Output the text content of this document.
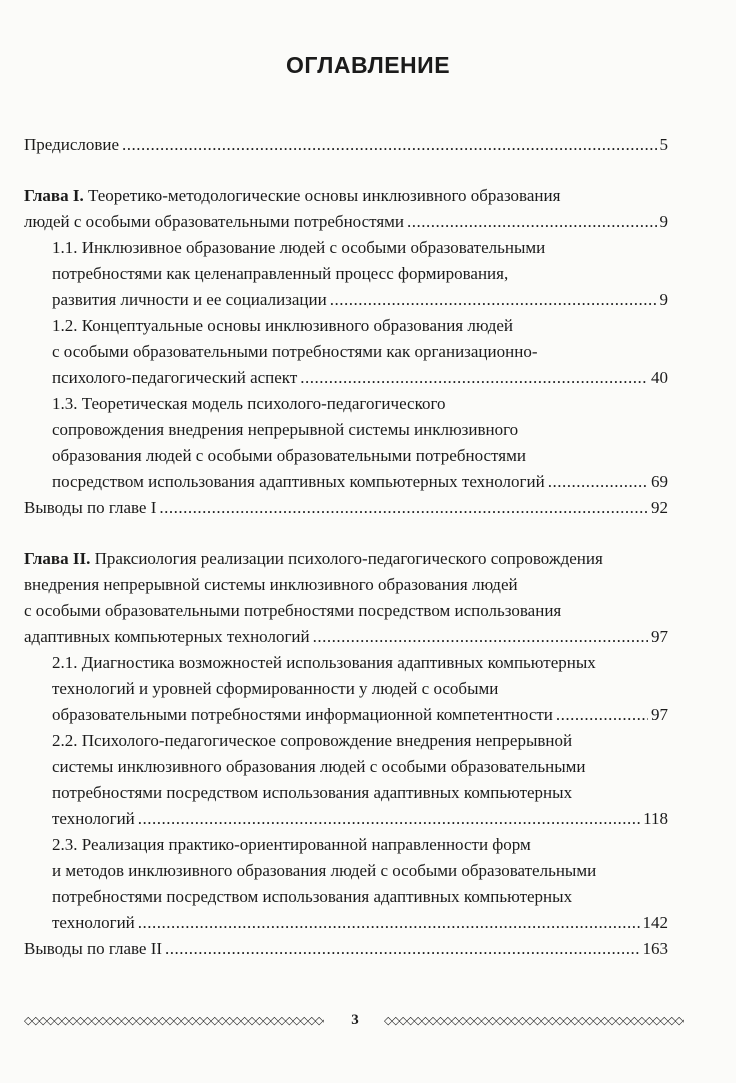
ОГЛАВЛЕНИЕ
Предисловие .....	5
Глава I. Теоретико-методологические основы инклюзивного образования
людей с особыми образовательными потребностями .....	9
1.1. Инклюзивное образование людей с особыми образовательными
потребностями как целенаправленный процесс формирования,
развития личности и ее социализации .....	9
1.2. Концептуальные основы инклюзивного образования людей
с особыми образовательными потребностями как организационно-
психолого-педагогический аспект .....	40
1.3. Теоретическая модель психолого-педагогического
сопровождения внедрения непрерывной системы инклюзивного
образования людей с особыми образовательными потребностями
посредством использования адаптивных компьютерных технологий .....	69
Выводы по главе I .....	92
Глава II. Праксиология реализации психолого-педагогического сопровождения
внедрения непрерывной системы инклюзивного образования людей
с особыми образовательными потребностями посредством использования
адаптивных компьютерных технологий .....	97
2.1. Диагностика возможностей использования адаптивных компьютерных
технологий и уровней сформированности у людей с особыми
образовательными потребностями информационной компетентности .....	97
2.2. Психолого-педагогическое сопровождение внедрения непрерывной
системы инклюзивного образования людей с особыми образовательными
потребностями посредством использования адаптивных компьютерных
технологий .....	118
2.3. Реализация практико-ориентированной направленности форм
и методов инклюзивного образования людей с особыми образовательными
потребностями посредством использования адаптивных компьютерных
технологий .....	142
Выводы по главе II .....	163
◇◇◇◇◇◇◇◇◇◇◇◇◇◇◇◇◇◇◇◇◇◇◇◇◇◇◇◇◇◇◇◇◇◇◇◇◇◇◇◇◇◇◇◇◇◇◇◇◇◇◇◇◇◇◇◇◇◇◇◇◇◇◇◇
3
◇◇◇◇◇◇◇◇◇◇◇◇◇◇◇◇◇◇◇◇◇◇◇◇◇◇◇◇◇◇◇◇◇◇◇◇◇◇◇◇◇◇◇◇◇◇◇◇◇◇◇◇◇◇◇◇◇◇◇◇◇◇◇◇
